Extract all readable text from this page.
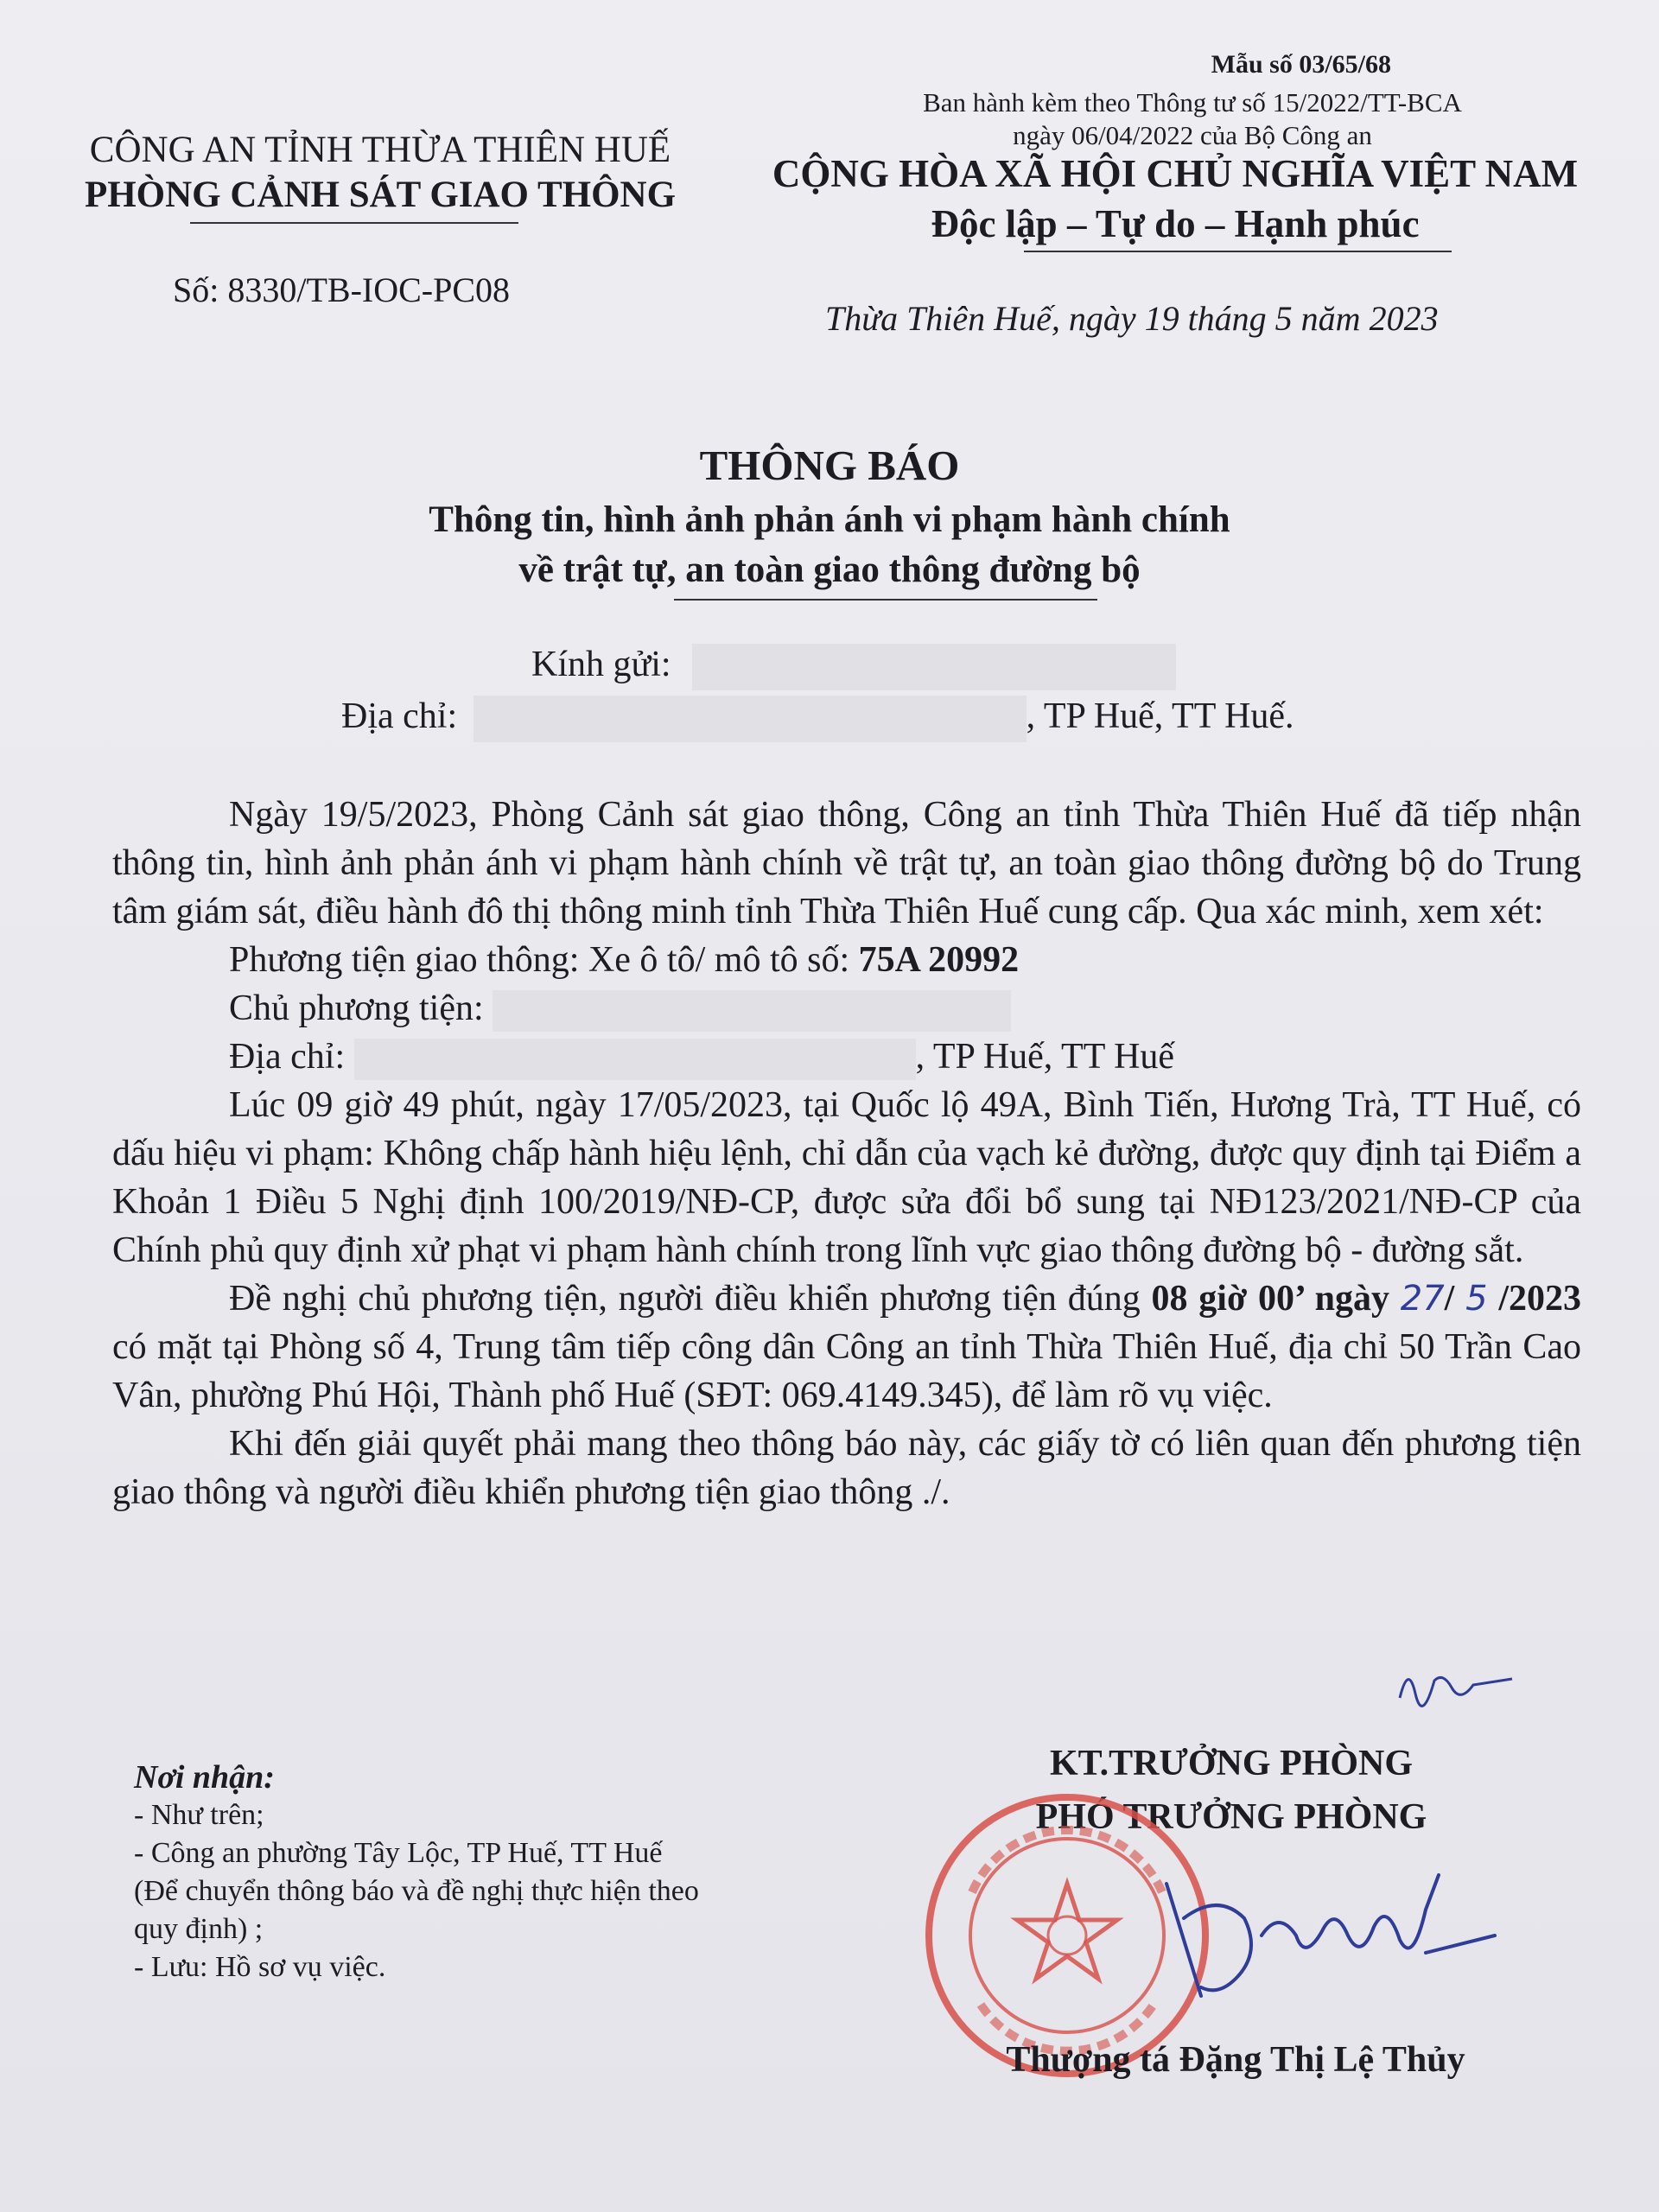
Mẫu số 03/65/68
Ban hành kèm theo Thông tư số 15/2022/TT-BCA
ngày 06/04/2022 của Bộ Công an
CÔNG AN TỈNH THỪA THIÊN HUẾ
PHÒNG CẢNH SÁT GIAO THÔNG	CỘNG HÒA XÃ HỘI CHỦ NGHĨA VIỆT NAM
Độc lập – Tự do – Hạnh phúc
Số: 8330/TB-IOC-PC08
Thừa Thiên Huế, ngày 19 tháng 5 năm 2023
THÔNG BÁO
Thông tin, hình ảnh phản ánh vi phạm hành chính
về trật tự, an toàn giao thông đường bộ
Kính gửi:
Địa chỉ:	, TP Huế, TT Huế.

Ngày 19/5/2023, Phòng Cảnh sát giao thông, Công an tỉnh Thừa Thiên Huế đã tiếp nhận thông tin, hình ảnh phản ánh vi phạm hành chính về trật tự, an toàn giao thông đường bộ do Trung tâm giám sát, điều hành đô thị thông minh tỉnh Thừa Thiên Huế cung cấp. Qua xác minh, xem xét:

Phương tiện giao thông: Xe ô tô/ mô tô số: 75A 20992

Chủ phương tiện:

Địa chỉ:	, TP Huế, TT Huế

Lúc 09 giờ 49 phút, ngày 17/05/2023, tại Quốc lộ 49A, Bình Tiến, Hương Trà, TT Huế, có dấu hiệu vi phạm: Không chấp hành hiệu lệnh, chỉ dẫn của vạch kẻ đường, được quy định tại Điểm a Khoản 1 Điều 5 Nghị định 100/2019/NĐ-CP, được sửa đổi bổ sung tại NĐ123/2021/NĐ-CP của Chính phủ quy định xử phạt vi phạm hành chính trong lĩnh vực giao thông đường bộ - đường sắt.

Đề nghị chủ phương tiện, người điều khiển phương tiện đúng 08 giờ 00’ ngày 27/ 5 /2023 có mặt tại Phòng số 4, Trung tâm tiếp công dân Công an tỉnh Thừa Thiên Huế, địa chỉ 50 Trần Cao Vân, phường Phú Hội, Thành phố Huế (SĐT: 069.4149.345), để làm rõ vụ việc.

Khi đến giải quyết phải mang theo thông báo này, các giấy tờ có liên quan đến phương tiện giao thông và người điều khiển phương tiện giao thông ./.

Nơi nhận:
- Như trên;
- Công an phường Tây Lộc, TP Huế, TT Huế
(Để chuyển thông báo và đề nghị thực hiện theo
quy định) ;
- Lưu: Hồ sơ vụ việc.
KT.TRƯỞNG PHÒNG
PHÓ TRƯỞNG PHÒNG
Thượng tá Đặng Thị Lệ Thủy
